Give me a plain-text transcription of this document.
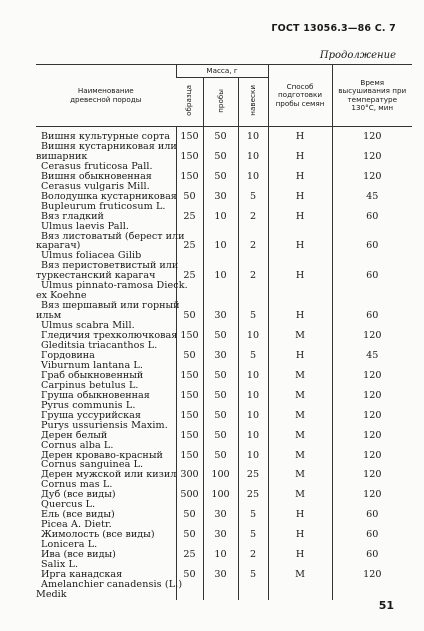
ГОСТ 13056.3—86 С. 7
Продолжение
Наименование древесной породы	Масса, г			Способ подготовки пробы семян	Время высушивания при температуре 130°С, мин
	образца	пробы	навески		

Вишня культурные сорта	150	50	10	Н	120

Вишня кустарниковая или
вишарник	150	50	10	Н	120

Cerasus fruticosa Pall.
Вишня обыкновенная	150	50	10	Н	120

Cerasus vulgaris Mill.
Володушка кустарниковая	50	30	5	Н	45

Bupleurum fruticosum L.
Вяз гладкий	25	10	2	Н	60

Ulmus laevis Pall.
Вяз листоватый (берест или
карагач)	25	10	2	Н	60

Ulmus foliacea Gilib
Вяз перистоветвистый или
туркестанский карагач	25	10	2	Н	60

Ulmus pinnato-ramosa Dieck.
ex Koehne
Вяз шершавый или горный
ильм	50	30	5	Н	60

Ulmus scabra Mill.
Гледичия трехколючковая	150	50	10	М	120

Gleditsia triacanthos L.
Гордовина	50	30	5	Н	45

Viburnum lantana L.
Граб обыкновенный	150	50	10	М	120

Carpinus betulus L.
Груша обыкновенная	150	50	10	М	120

Pyrus communis L.
Груша уссурийская	150	50	10	М	120

Purys ussuriensis Maxim.
Дерен белый	150	50	10	М	120

Cornus alba L.
Дерен кроваво-красный	150	50	10	М	120

Cornus sanguinea L.
Дерен мужской или кизил	300	100	25	М	120

Cornus mas L.
Дуб (все виды)	500	100	25	М	120

Quercus L.
Ель (все виды)	50	30	5	Н	60

Picea A. Dietr.
Жимолость (все виды)	50	30	5	Н	60

Lonicera L.
Ива (все виды)	25	10	2	Н	60

Salix L.
Ирга канадская	50	30	5	М	120

Amelanchier canadensis (L.)
Medik					

51
